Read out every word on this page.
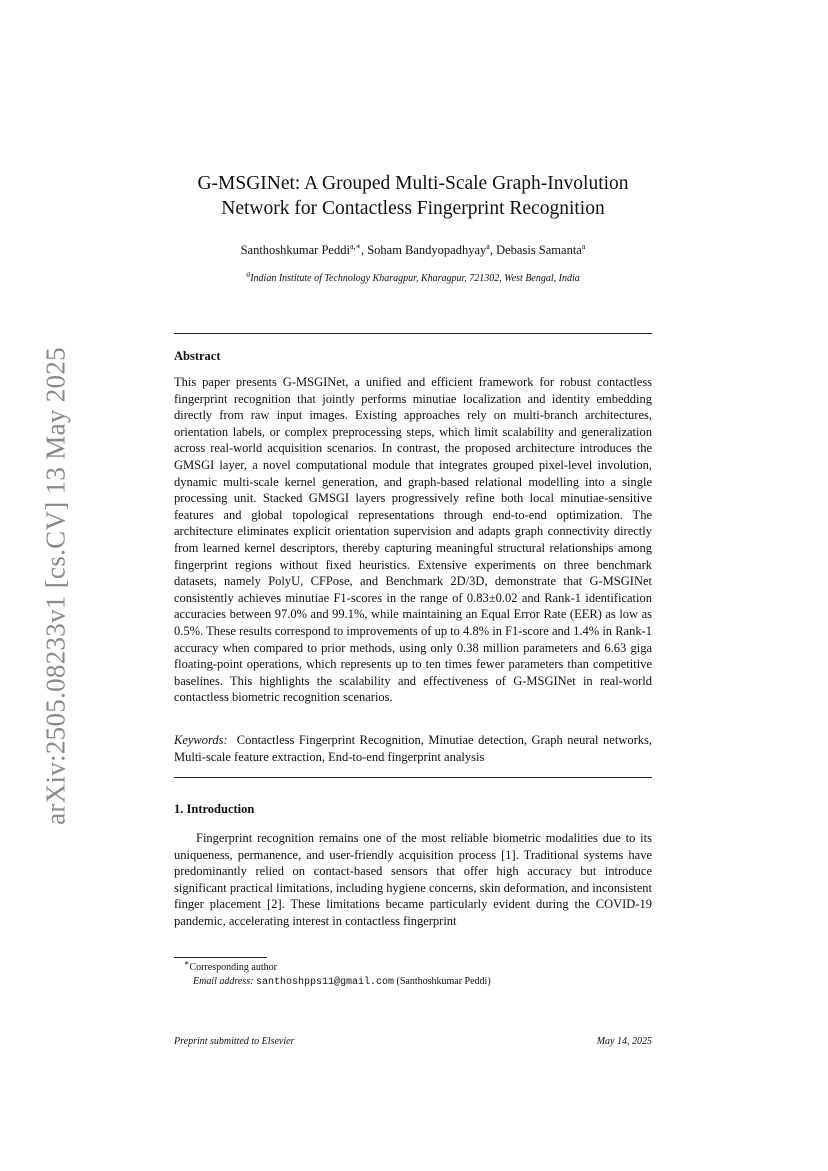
arXiv:2505.08233v1 [cs.CV] 13 May 2025
G-MSGINet: A Grouped Multi-Scale Graph-Involution
Network for Contactless Fingerprint Recognition
Santhoshkumar Peddi$^{a,∗}$, Soham Bandyopadhyay$^a$, Debasis Samanta$^a$
$^a$Indian Institute of Technology Kharagpur, Kharagpur, 721302, West Bengal, India
Abstract
This paper presents G-MSGINet, a unified and efficient framework for robust contactless fingerprint recognition that jointly performs minutiae localization and identity embedding directly from raw input images. Existing approaches rely on multi-branch architectures, orientation labels, or complex preprocessing steps, which limit scalability and generalization across real-world acquisition scenarios. In contrast, the proposed architecture introduces the GMSGI layer, a novel computational module that integrates grouped pixel-level involution, dynamic multi-scale kernel generation, and graph-based relational modelling into a single processing unit. Stacked GMSGI layers progressively refine both local minutiae-sensitive features and global topological representations through end-to-end optimization. The architecture eliminates explicit orientation supervision and adapts graph connectivity directly from learned kernel descriptors, thereby capturing meaningful structural relationships among fingerprint regions without fixed heuristics. Extensive experiments on three benchmark datasets, namely PolyU, CFPose, and Benchmark 2D/3D, demonstrate that G-MSGINet consistently achieves minutiae F1-scores in the range of 0.83±0.02 and Rank-1 identification accuracies between 97.0% and 99.1%, while maintaining an Equal Error Rate (EER) as low as 0.5%. These results correspond to improvements of up to 4.8% in F1-score and 1.4% in Rank-1 accuracy when compared to prior methods, using only 0.38 million parameters and 6.63 giga floating-point operations, which represents up to ten times fewer parameters than competitive baselines. This highlights the scalability and effectiveness of G-MSGINet in real-world contactless biometric recognition scenarios.
Keywords: Contactless Fingerprint Recognition, Minutiae detection, Graph neural networks, Multi-scale feature extraction, End-to-end fingerprint analysis
1. Introduction
Fingerprint recognition remains one of the most reliable biometric modalities due to its uniqueness, permanence, and user-friendly acquisition process [1]. Traditional systems have predominantly relied on contact-based sensors that offer high accuracy but introduce significant practical limitations, including hygiene concerns, skin deformation, and inconsistent finger placement [2]. These limitations became particularly evident during the COVID-19 pandemic, accelerating interest in contactless fingerprint
∗Corresponding author
Email address: santhoshpps11@gmail.com (Santhoshkumar Peddi)
Preprint submitted to Elsevier	May 14, 2025
